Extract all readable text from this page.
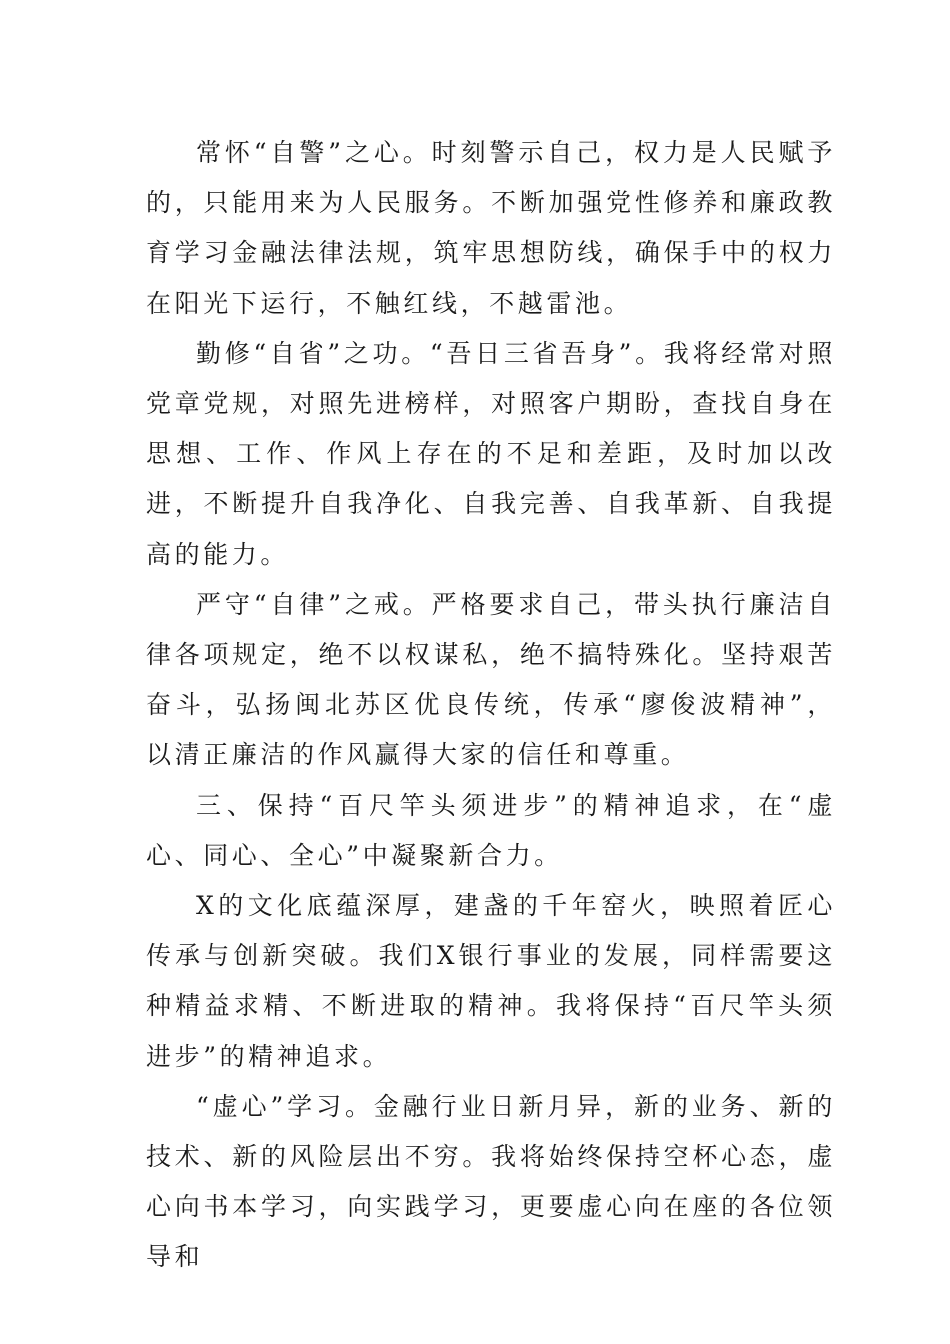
常怀“自警”之心。时刻警示自己，权力是人民赋予的，只能用来为人民服务。不断加强党性修养和廉政教育学习金融法律法规，筑牢思想防线，确保手中的权力在阳光下运行，不触红线，不越雷池。

勤修“自省”之功。“吾日三省吾身”。我将经常对照党章党规，对照先进榜样，对照客户期盼，查找自身在思想、工作、作风上存在的不足和差距，及时加以改进，不断提升自我净化、自我完善、自我革新、自我提高的能力。

严守“自律”之戒。严格要求自己，带头执行廉洁自律各项规定，绝不以权谋私，绝不搞特殊化。坚持艰苦奋斗，弘扬闽北苏区优良传统，传承“廖俊波精神”，以清正廉洁的作风赢得大家的信任和尊重。

三、保持“百尺竿头须进步”的精神追求，在“虚心、同心、全心”中凝聚新合力。

X的文化底蕴深厚，建盏的千年窑火，映照着匠心传承与创新突破。我们X银行事业的发展，同样需要这种精益求精、不断进取的精神。我将保持“百尺竿头须进步”的精神追求。

“虚心”学习。金融行业日新月异，新的业务、新的技术、新的风险层出不穷。我将始终保持空杯心态，虚心向书本学习，向实践学习，更要虚心向在座的各位领导和
